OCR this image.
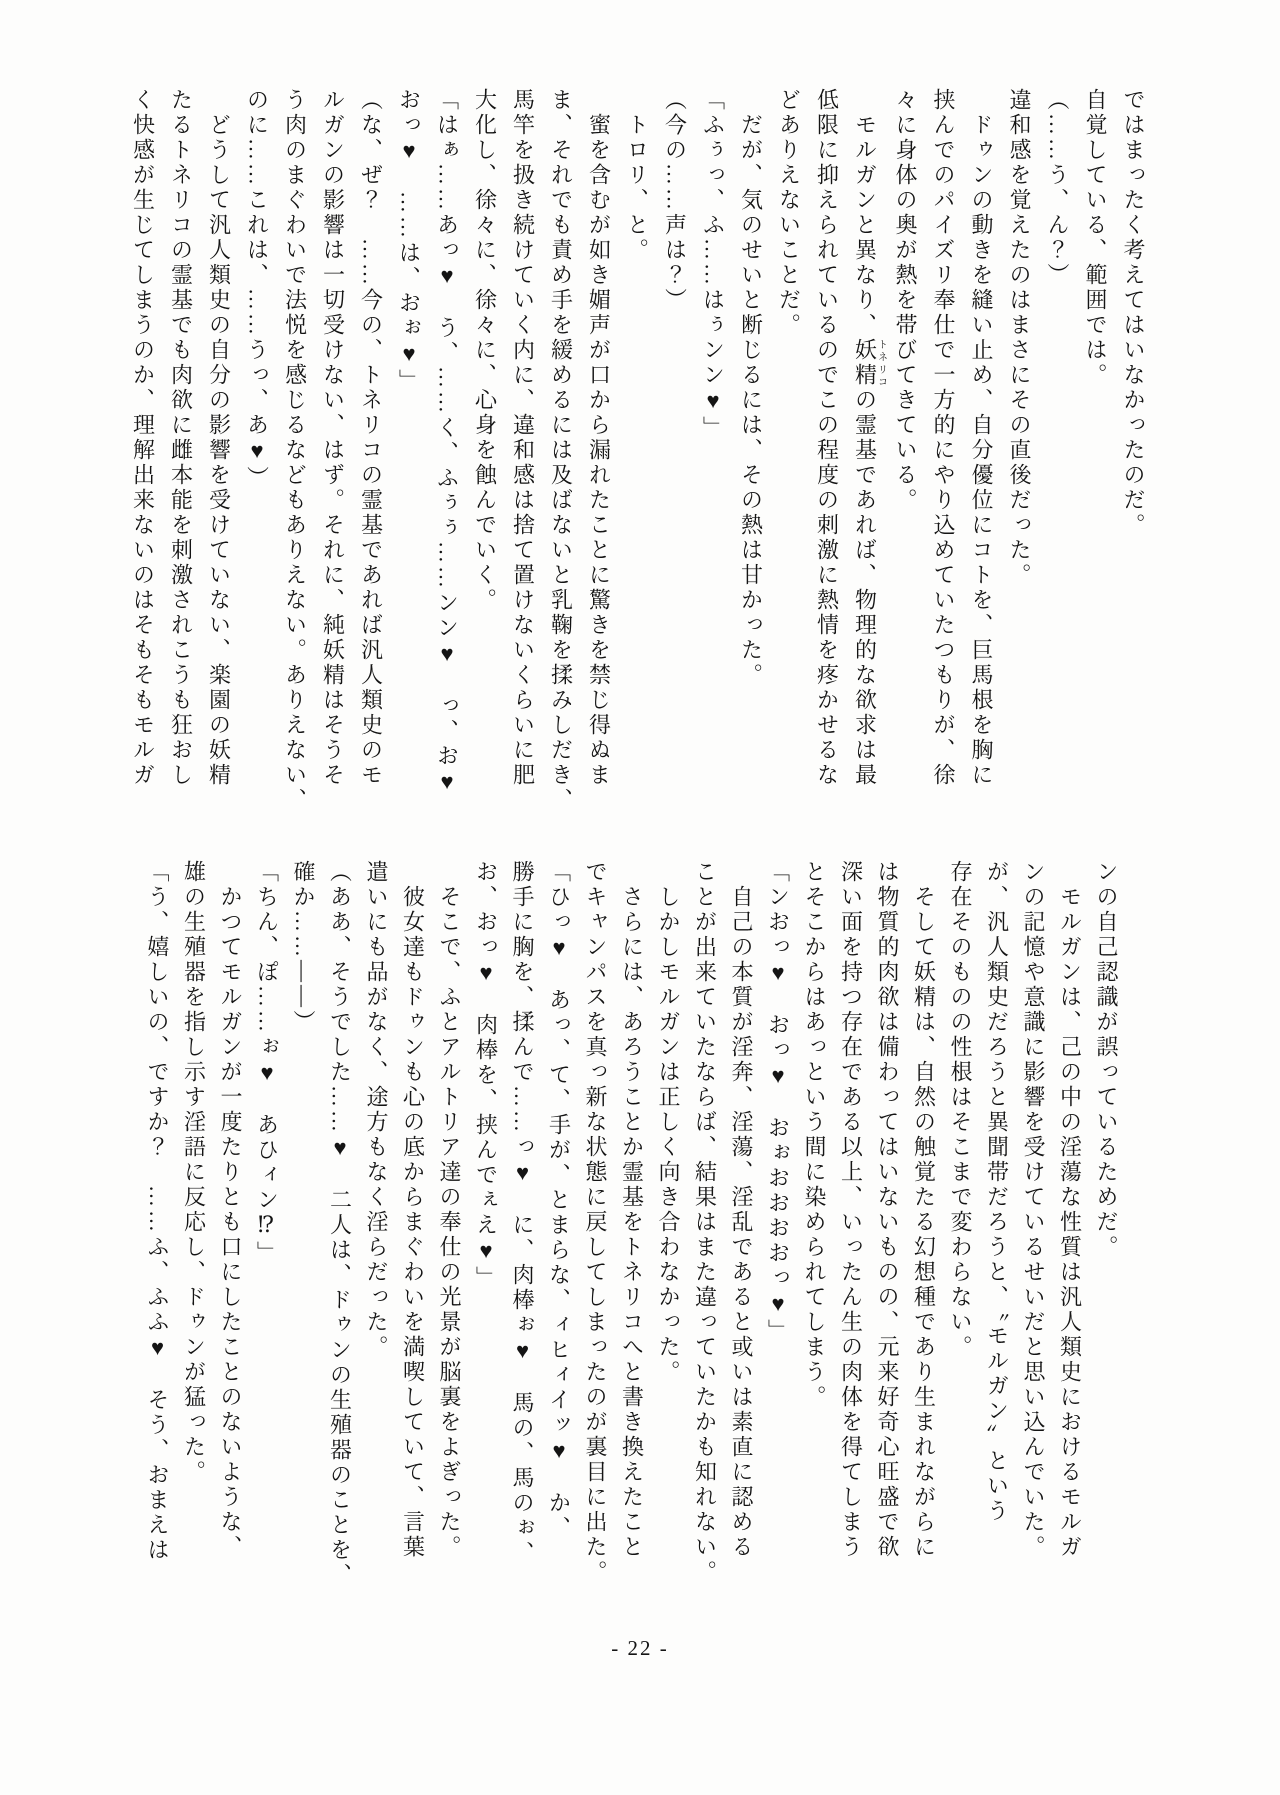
ではまったく考えてはいなかったのだ。

自覚している、範囲では。

（……う、ん？）

違和感を覚えたのはまさにその直後だった。

　ドゥンの動きを縫い止め、自分優位にコトを、巨馬根を胸に

挟んでのパイズリ奉仕で一方的にやり込めていたつもりが、徐

々に身体の奥が熱を帯びてきている。

　モルガンと異なり、妖精トネリコの霊基であれば、物理的な欲求は最

低限に抑えられているのでこの程度の刺激に熱情を疼かせるな

どありえないことだ。

　だが、気のせいと断じるには、その熱は甘かった。

「ふぅっ、ふ……はぅンン♥」

（今の……声は？）

　トロリ、と。

　蜜を含むが如き媚声が口から漏れたことに驚きを禁じ得ぬま

ま、それでも責め手を緩めるには及ばないと乳鞠を揉みしだき、

馬竿を扱き続けていく内に、違和感は捨て置けないくらいに肥

大化し、徐々に、徐々に、心身を蝕んでいく。

「はぁ……あっ♥　う、……く、ふぅぅ……ンン♥　っ、お♥

おっ♥　……は、おぉ♥」

（な、ぜ？　……今の、トネリコの霊基であれば汎人類史のモ

ルガンの影響は一切受けない、はず。それに、純妖精はそうそ

う肉のまぐわいで法悦を感じるなどもありえない。ありえない、

のに……これは、……うっ、あ♥）

　どうして汎人類史の自分の影響を受けていない、楽園の妖精

たるトネリコの霊基でも肉欲に雌本能を刺激されこうも狂おし

く快感が生じてしまうのか、理解出来ないのはそもそもモルガ

ンの自己認識が誤っているためだ。

　モルガンは、己の中の淫蕩な性質は汎人類史におけるモルガ

ンの記憶や意識に影響を受けているせいだと思い込んでいた。

が、汎人類史だろうと異聞帯だろうと、〝モルガン〟という

存在そのものの性根はそこまで変わらない。

　そして妖精は、自然の触覚たる幻想種であり生まれながらに

は物質的肉欲は備わってはいないものの、元来好奇心旺盛で欲

深い面を持つ存在である以上、いったん生の肉体を得てしまう

とそこからはあっという間に染められてしまう。

「ンおっ♥　おっ♥　おぉおおおおっ♥」

　自己の本質が淫奔、淫蕩、淫乱であると或いは素直に認める

ことが出来ていたならば、結果はまた違っていたかも知れない。

　しかしモルガンは正しく向き合わなかった。

　さらには、あろうことか霊基をトネリコへと書き換えたこと

でキャンパスを真っ新な状態に戻してしまったのが裏目に出た。

「ひっ♥　あっ、て、手が、とまらな、ィヒィイッ♥　か、

勝手に胸を、揉んで……っ♥　に、肉棒ぉ♥　馬の、馬のぉ、

お、おっ♥　肉棒を、挟んでぇえ♥」

　そこで、ふとアルトリア達の奉仕の光景が脳裏をよぎった。

　彼女達もドゥンも心の底からまぐわいを満喫していて、言葉

遣いにも品がなく、途方もなく淫らだった。

（ああ、そうでした……♥　二人は、ドゥンの生殖器のことを、

確か……――）

「ちん、ぽ……ぉ♥　あひィン⁉」

　かつてモルガンが一度たりとも口にしたことのないような、

雄の生殖器を指し示す淫語に反応し、ドゥンが猛った。

「う、嬉しいの、ですか？　……ふ、ふふ♥　そう、おまえは

- 22 -
